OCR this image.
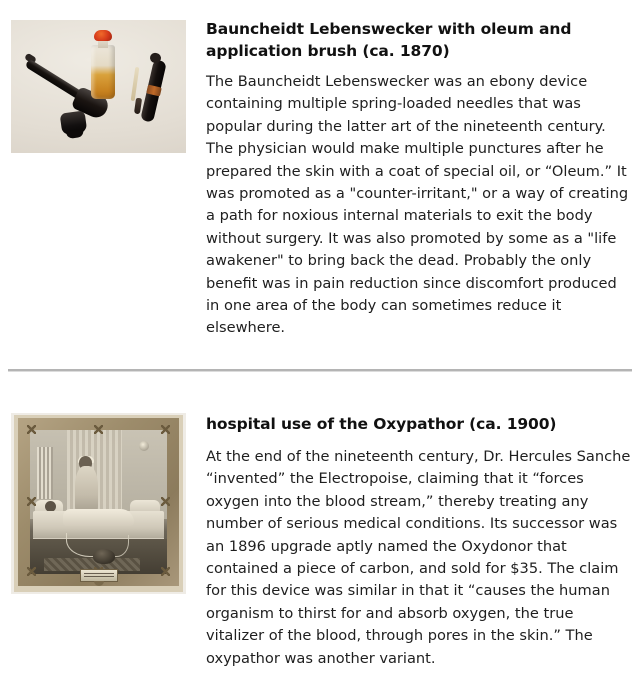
Bauncheidt Lebenswecker with oleum and application brush (ca. 1870)

The Bauncheidt Lebenswecker was an ebony device containing multiple spring-loaded needles that was popular during the latter art of the nineteenth century. The physician would make multiple punctures after he prepared the skin with a coat of special oil, or “Oleum.” It was promoted as a "counter-irritant," or a way of creating a path for noxious internal materials to exit the body without surgery. It was also promoted by some as a "life awakener" to bring back the dead. Probably the only benefit was in pain reduction since discomfort produced in one area of the body can sometimes reduce it elsewhere.

hospital use of the Oxypathor (ca. 1900)

At the end of the nineteenth century, Dr. Hercules Sanche “invented” the Electropoise, claiming that it “forces oxygen into the blood stream,” thereby treating any number of serious medical conditions. Its successor was an 1896 upgrade aptly named the Oxydonor that contained a piece of carbon, and sold for $35. The claim for this device was similar in that it “causes the human organism to thirst for and absorb oxygen, the true vitalizer of the blood, through pores in the skin.” The oxypathor was another variant.
